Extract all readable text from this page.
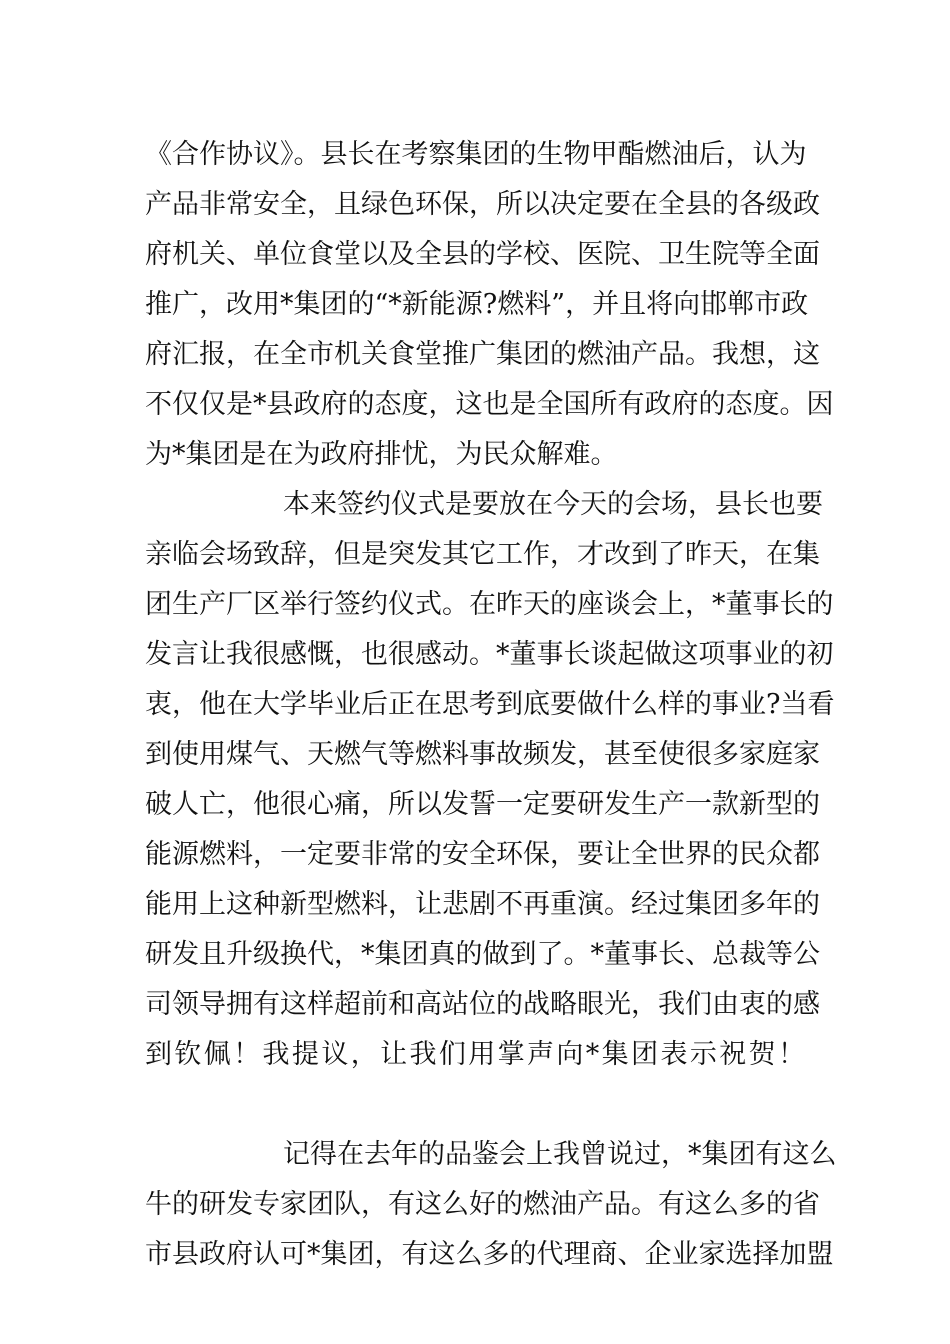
《合作协议》。县长在考察集团的生物甲酯燃油后，认为
产品非常安全，且绿色环保，所以决定要在全县的各级政
府机关、单位食堂以及全县的学校、医院、卫生院等全面
推广，改用*集团的“*新能源?燃料”，并且将向邯郸市政
府汇报，在全市机关食堂推广集团的燃油产品。我想，这
不仅仅是*县政府的态度，这也是全国所有政府的态度。因
为*集团是在为政府排忧，为民众解难。
本来签约仪式是要放在今天的会场，县长也要
亲临会场致辞，但是突发其它工作，才改到了昨天，在集
团生产厂区举行签约仪式。在昨天的座谈会上，*董事长的
发言让我很感慨，也很感动。*董事长谈起做这项事业的初
衷，他在大学毕业后正在思考到底要做什么样的事业?当看
到使用煤气、天燃气等燃料事故频发，甚至使很多家庭家
破人亡，他很心痛，所以发誓一定要研发生产一款新型的
能源燃料，一定要非常的安全环保，要让全世界的民众都
能用上这种新型燃料，让悲剧不再重演。经过集团多年的
研发且升级换代，*集团真的做到了。*董事长、总裁等公
司领导拥有这样超前和高站位的战略眼光，我们由衷的感
到钦佩！我提议，让我们用掌声向*集团表示祝贺！
记得在去年的品鉴会上我曾说过，*集团有这么
牛的研发专家团队，有这么好的燃油产品。有这么多的省
市县政府认可*集团，有这么多的代理商、企业家选择加盟
